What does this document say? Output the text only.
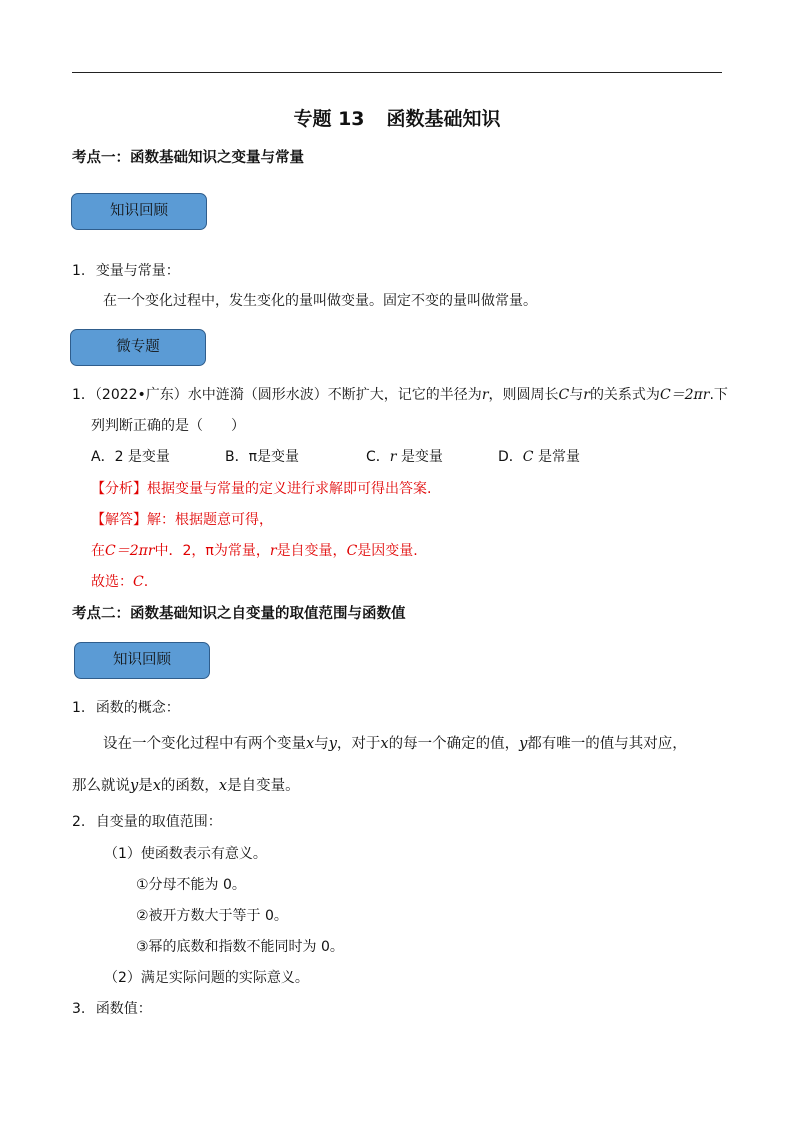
专题 13 函数基础知识
考点一：函数基础知识之变量与常量
知识回顾
1. 变量与常量：
在一个变化过程中，发生变化的量叫做变量。固定不变的量叫做常量。
微专题
1．（2022•广东）水中涟漪（圆形水波）不断扩大，记它的半径为r，则圆周长C与r的关系式为C＝2πr.下
列判断正确的是（　　）
A．2 是变量	B．π是变量	C．r 是变量	D．C 是常量
【分析】根据变量与常量的定义进行求解即可得出答案.
【解答】解：根据题意可得，
在C＝2πr中．2，π为常量，r是自变量，C是因变量.
故选：C.
考点二：函数基础知识之自变量的取值范围与函数值
知识回顾
1. 函数的概念：
设在一个变化过程中有两个变量x与y，对于x的每一个确定的值，y都有唯一的值与其对应，
那么就说y是x的函数，x是自变量。
2. 自变量的取值范围：
（1）使函数表示有意义。
①分母不能为 0。
②被开方数大于等于 0。
③幂的底数和指数不能同时为 0。
（2）满足实际问题的实际意义。
3. 函数值：
